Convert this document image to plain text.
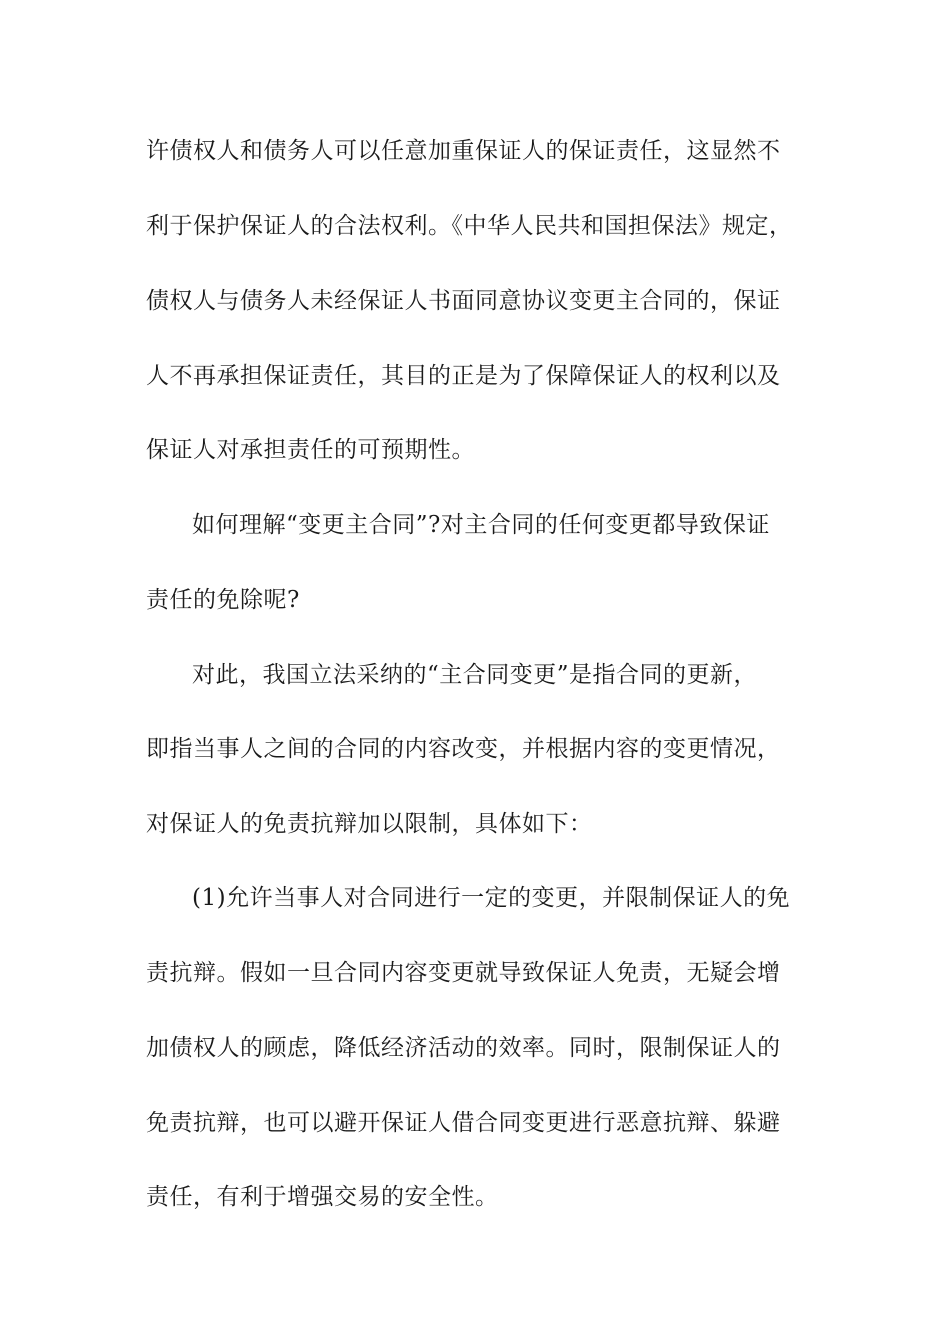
许债权人和债务人可以任意加重保证人的保证责任，这显然不
利于保护保证人的合法权利。《中华人民共和国担保法》规定，
债权人与债务人未经保证人书面同意协议变更主合同的，保证
人不再承担保证责任，其目的正是为了保障保证人的权利以及
保证人对承担责任的可预期性。
如何理解“变更主合同”?对主合同的任何变更都导致保证
责任的免除呢?
对此，我国立法采纳的“主合同变更”是指合同的更新，
即指当事人之间的合同的内容改变，并根据内容的变更情况，
对保证人的免责抗辩加以限制，具体如下：
(1)允许当事人对合同进行一定的变更，并限制保证人的免
责抗辩。假如一旦合同内容变更就导致保证人免责，无疑会增
加债权人的顾虑，降低经济活动的效率。同时，限制保证人的
免责抗辩，也可以避开保证人借合同变更进行恶意抗辩、躲避
责任，有利于增强交易的安全性。
